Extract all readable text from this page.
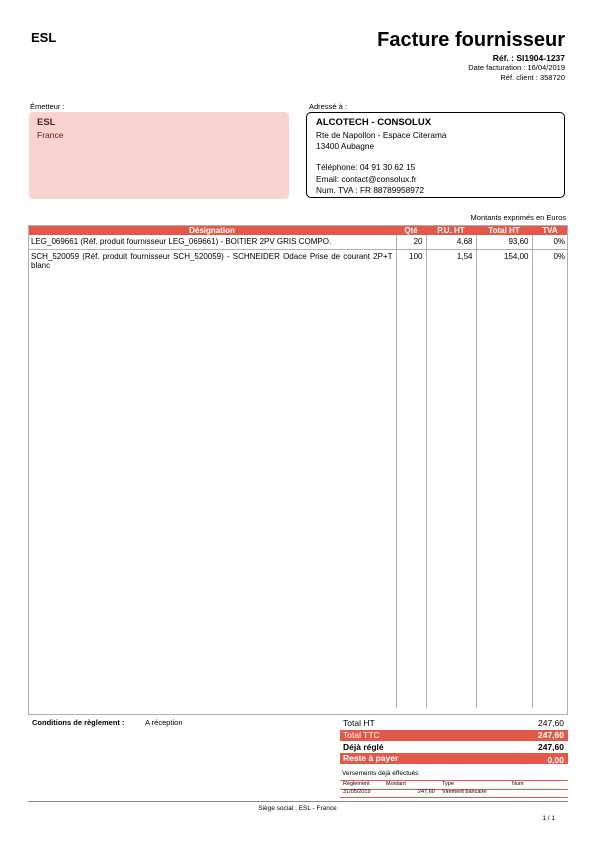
ESL	Facture fournisseur
Réf. : SI1904-1237
Date facturation : 16/04/2019
Réf. client : 358720
Émetteur :
ESL
France
Adressé à :
ALCOTECH - CONSOLUX
Rte de Napollon - Espace Citerama
13400 Aubagne
Téléphone: 04 91 30 62 15
Email: contact@consolux.fr
Num. TVA : FR 88789958972
Montants exprimés en Euros
Désignation	Qté	P.U. HT	Total HT	TVA
LEG_069661 (Réf. produit fournisseur LEG_069661) - BOITIER 2PV GRIS COMPO.	20	4,68	93,60	0%
SCH_520059 (Réf. produit fournisseur SCH_520059) - SCHNEIDER Odace Prise de courant 2P+T blanc	100	1,54	154,00	0%

Conditions de règlement :	A réception	Total HT	247,60
Total TTC	247,60
Déjà réglé	247,60
Reste à payer	0,00
Versements déjà effectués
Règlement	Montant	Type	Num
31/05/2019	247,60 Virement bancaire
Siège social : ESL - France
1 / 1
